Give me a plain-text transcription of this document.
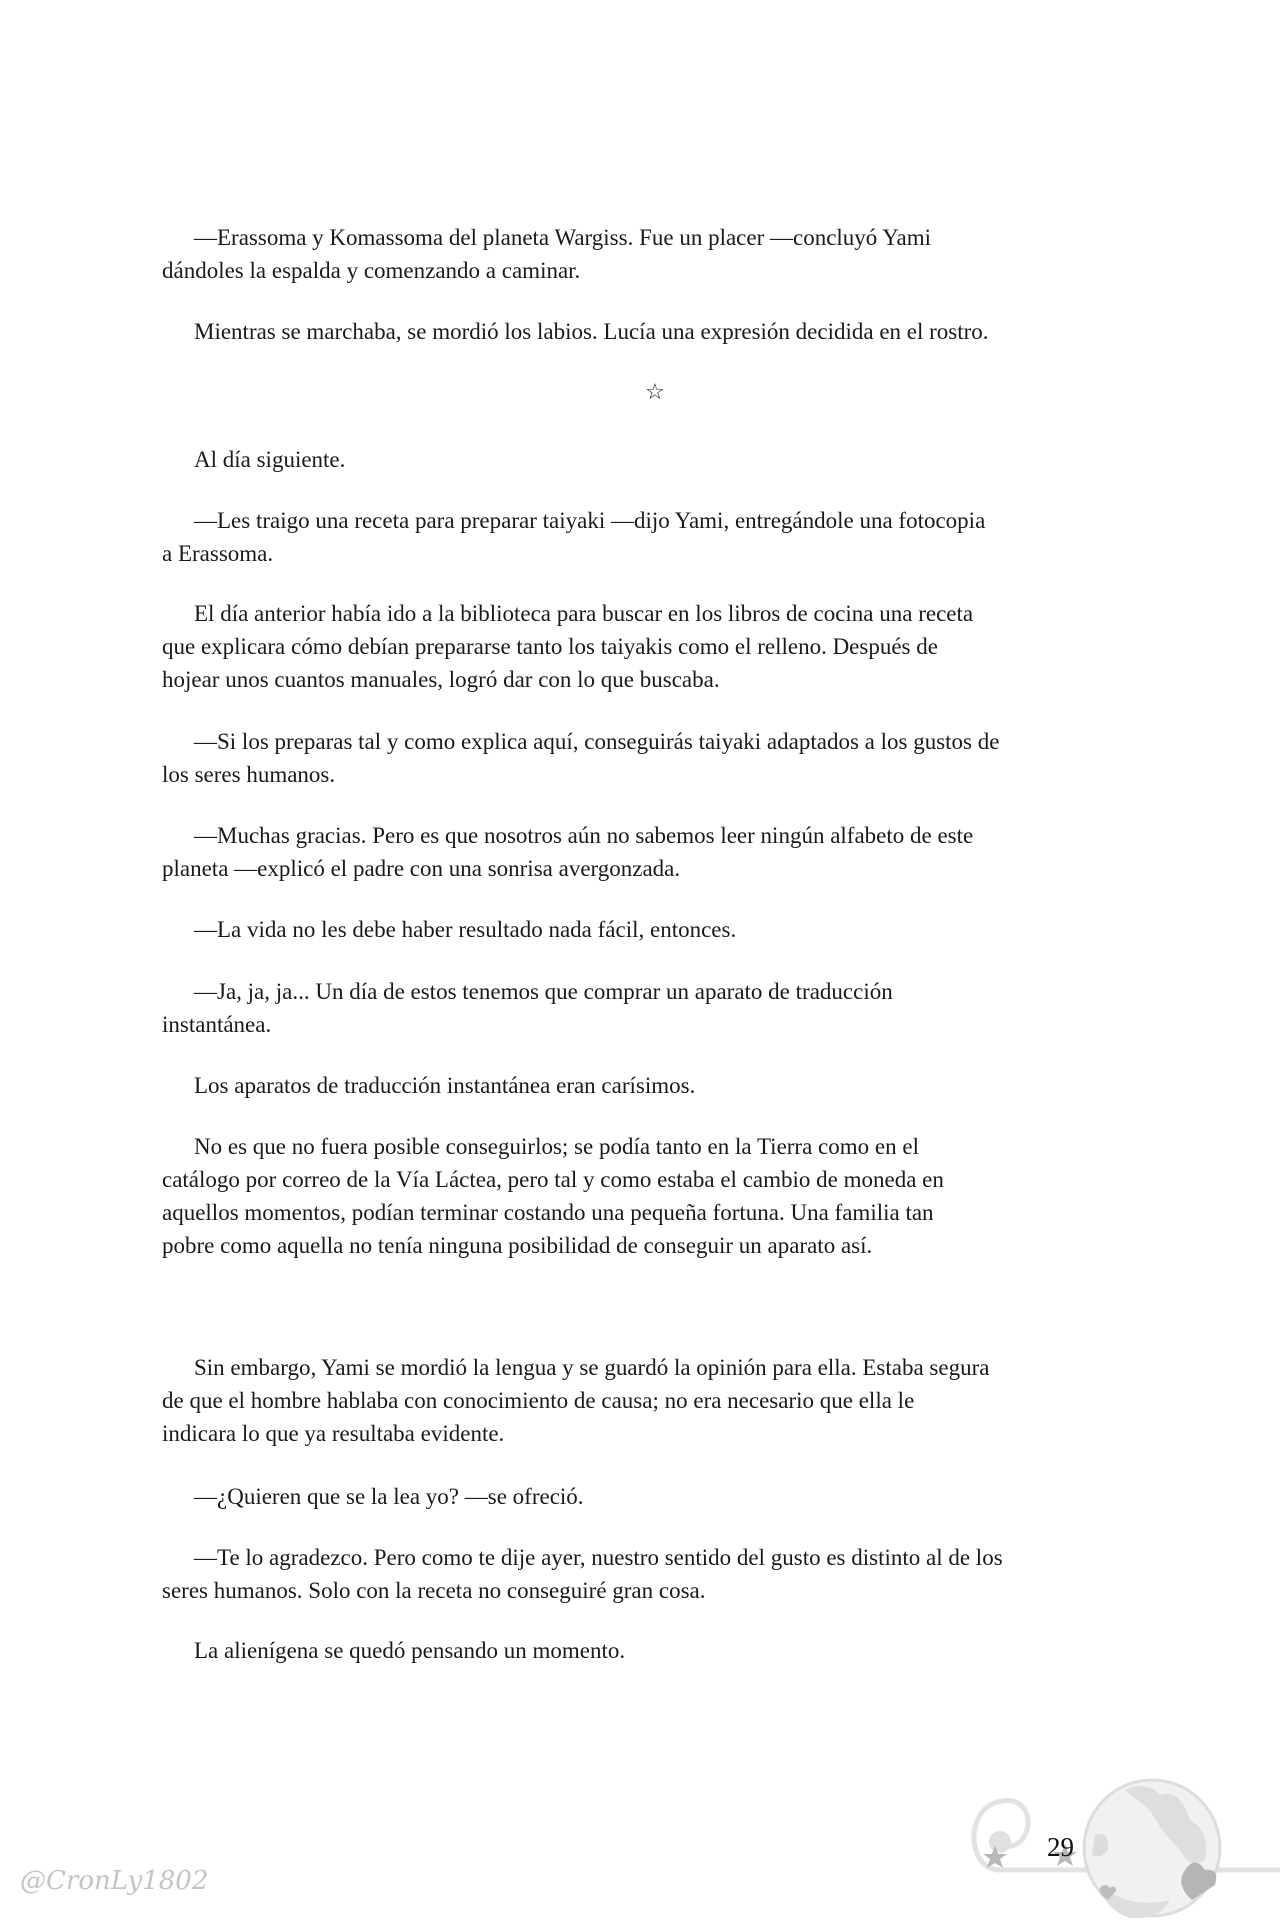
—Erassoma y Komassoma del planeta Wargiss. Fue un placer —concluyó Yami
dándoles la espalda y comenzando a caminar.
Mientras se marchaba, se mordió los labios. Lucía una expresión decidida en el rostro.
Al día siguiente.
—Les traigo una receta para preparar taiyaki —dijo Yami, entregándole una fotocopia
a Erassoma.
El día anterior había ido a la biblioteca para buscar en los libros de cocina una receta
que explicara cómo debían prepararse tanto los taiyakis como el relleno. Después de
hojear unos cuantos manuales, logró dar con lo que buscaba.
—Si los preparas tal y como explica aquí, conseguirás taiyaki adaptados a los gustos de
los seres humanos.
—Muchas gracias. Pero es que nosotros aún no sabemos leer ningún alfabeto de este
planeta —explicó el padre con una sonrisa avergonzada.
—La vida no les debe haber resultado nada fácil, entonces.
—Ja, ja, ja... Un día de estos tenemos que comprar un aparato de traducción
instantánea.
Los aparatos de traducción instantánea eran carísimos.
No es que no fuera posible conseguirlos; se podía tanto en la Tierra como en el
catálogo por correo de la Vía Láctea, pero tal y como estaba el cambio de moneda en
aquellos momentos, podían terminar costando una pequeña fortuna. Una familia tan
pobre como aquella no tenía ninguna posibilidad de conseguir un aparato así.
Sin embargo, Yami se mordió la lengua y se guardó la opinión para ella. Estaba segura
de que el hombre hablaba con conocimiento de causa; no era necesario que ella le
indicara lo que ya resultaba evidente.
—¿Quieren que se la lea yo? —se ofreció.
—Te lo agradezco. Pero como te dije ayer, nuestro sentido del gusto es distinto al de los
seres humanos. Solo con la receta no conseguiré gran cosa.
La alienígena se quedó pensando un momento.
☆
29
@CronLy1802
